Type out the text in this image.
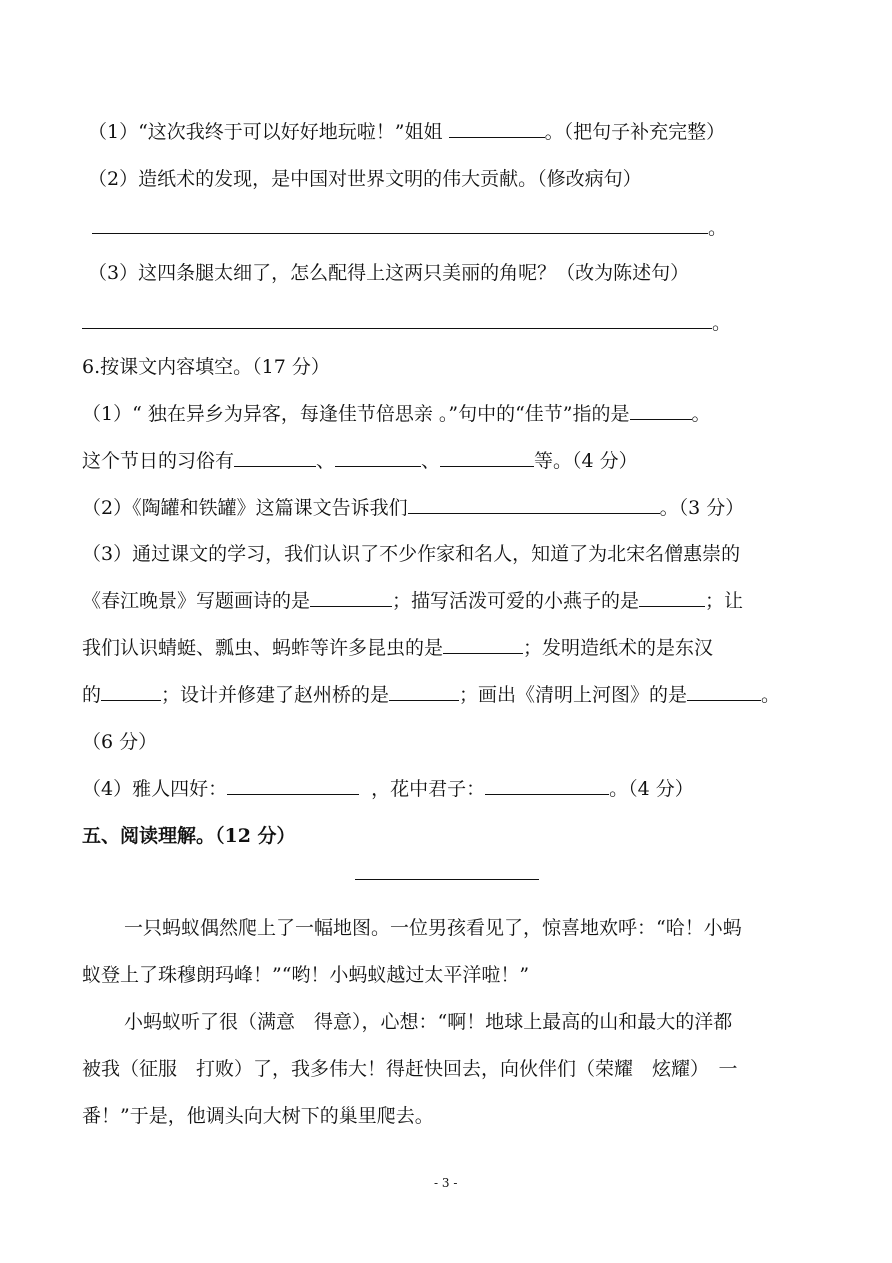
（1）“这次我终于可以好好地玩啦！”姐姐	。（把句子补充完整）
（2）造纸术的发现，是中国对世界文明的伟大贡献。（修改病句）
。
（3）这四条腿太细了，怎么配得上这两只美丽的角呢？（改为陈述句）
。
6.按课文内容填空。（17 分）
（1）“ 独在异乡为异客，每逢佳节倍思亲 。”句中的“佳节”指的是	。
这个节日的习俗有	、	、	等。（4 分）
（2）《陶罐和铁罐》这篇课文告诉我们	。（3 分）
（3）通过课文的学习，我们认识了不少作家和名人，知道了为北宋名僧惠崇的
《春江晚景》写题画诗的是	；描写活泼可爱的小燕子的是	；让
我们认识蜻蜓、瓢虫、蚂蚱等许多昆虫的是	；发明造纸术的是东汉
的	；设计并修建了赵州桥的是	；画出《清明上河图》的是	。
（6 分）
（4）雅人四好：	，花中君子：	。（4 分）
五、阅读理解。（12 分）
一只蚂蚁偶然爬上了一幅地图。一位男孩看见了，惊喜地欢呼：“哈！小蚂
蚁登上了珠穆朗玛峰！”“哟！小蚂蚁越过太平洋啦！”
小蚂蚁听了很（满意　得意），心想：“啊！地球上最高的山和最大的洋都
被我（征服　打败）了，我多伟大！得赶快回去，向伙伴们（荣耀　炫耀）　一
番！”于是，他调头向大树下的巢里爬去。
- 3 -
